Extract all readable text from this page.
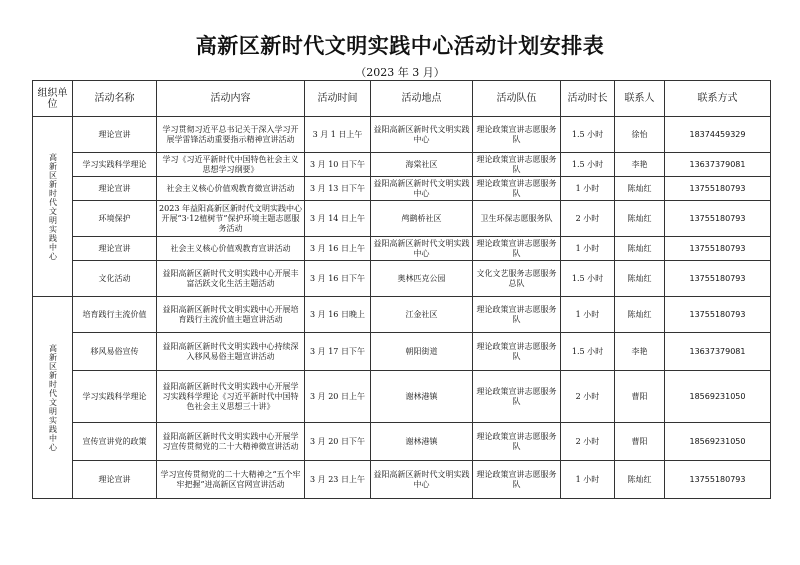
高新区新时代文明实践中心活动计划安排表
（2023 年 3 月）
组织单位	活动名称	活动内容	活动时间	活动地点	活动队伍	活动时长	联系人	联系方式
高新区新时代文明实践中心	理论宣讲	学习贯彻习近平总书记关于深入学习开展学雷锋活动重要指示精神宣讲活动	3 月 1 日上午	益阳高新区新时代文明实践中心	理论政策宣讲志愿服务队	1.5 小时	徐怡	18374459329
	学习实践科学理论	学习《习近平新时代中国特色社会主义思想学习纲要》	3 月 10 日下午	海棠社区	理论政策宣讲志愿服务队	1.5 小时	李艳	13637379081
	理论宣讲	社会主义核心价值观教育微宣讲活动	3 月 13 日下午	益阳高新区新时代文明实践中心	理论政策宣讲志愿服务队	1 小时	陈灿红	13755180793
	环境保护	2023 年益阳高新区新时代文明实践中心开展“3·12植树节”保护环境主题志愿服务活动	3 月 14 日上午	鸬鹚桥社区	卫生环保志愿服务队	2 小时	陈灿红	13755180793
	理论宣讲	社会主义核心价值观教育宣讲活动	3 月 16 日上午	益阳高新区新时代文明实践中心	理论政策宣讲志愿服务队	1 小时	陈灿红	13755180793
	文化活动	益阳高新区新时代文明实践中心开展丰富活跃文化生活主题活动	3 月 16 日下午	奥林匹克公园	文化文艺服务志愿服务总队	1.5 小时	陈灿红	13755180793
高新区新时代文明实践中心	培育践行主流价值	益阳高新区新时代文明实践中心开展培育践行主流价值主题宣讲活动	3 月 16 日晚上	江金社区	理论政策宣讲志愿服务队	1 小时	陈灿红	13755180793
	移风易俗宣传	益阳高新区新时代文明实践中心持续深入移风易俗主题宣讲活动	3 月 17 日下午	朝阳街道	理论政策宣讲志愿服务队	1.5 小时	李艳	13637379081
	学习实践科学理论	益阳高新区新时代文明实践中心开展学习实践科学理论《习近平新时代中国特色社会主义思想三十讲》	3 月 20 日上午	谢林港镇	理论政策宣讲志愿服务队	2 小时	曹阳	18569231050
	宣传宣讲党的政策	益阳高新区新时代文明实践中心开展学习宣传贯彻党的二十大精神微宣讲活动	3 月 20 日下午	谢林港镇	理论政策宣讲志愿服务队	2 小时	曹阳	18569231050
	理论宣讲	学习宣传贯彻党的二十大精神之“五个牢牢把握”进高新区官网宣讲活动	3 月 23 日上午	益阳高新区新时代文明实践中心	理论政策宣讲志愿服务队	1 小时	陈灿红	13755180793
